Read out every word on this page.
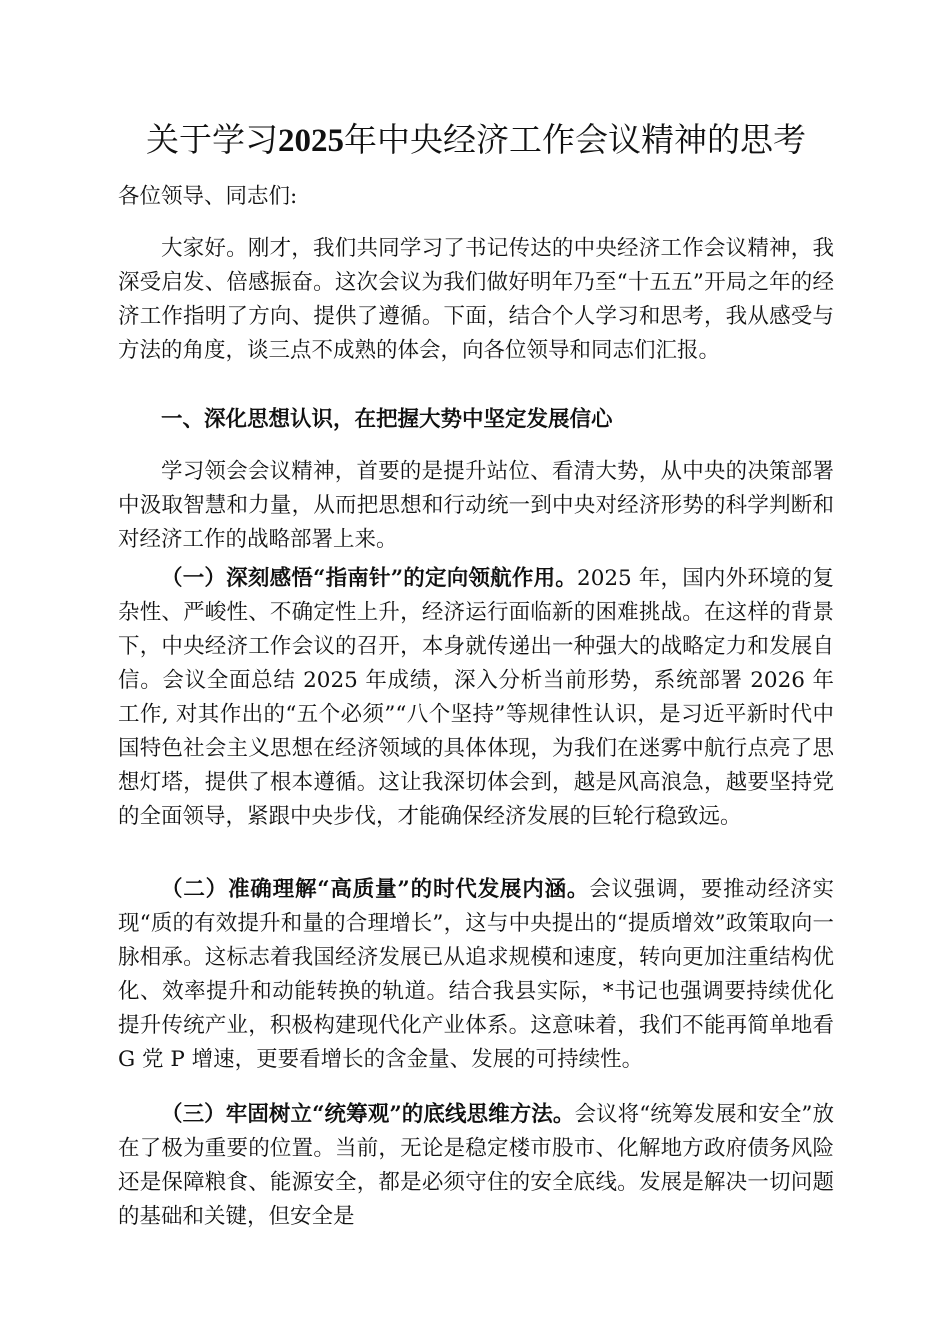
关于学习2025年中央经济工作会议精神的思考
各位领导、同志们:

大家好。刚才，我们共同学习了书记传达的中央经济工作会议精神，我深受启发、倍感振奋。这次会议为我们做好明年乃至“十五五”开局之年的经济工作指明了方向、提供了遵循。下面，结合个人学习和思考，我从感受与方法的角度，谈三点不成熟的体会，向各位领导和同志们汇报。

一、深化思想认识，在把握大势中坚定发展信心

学习领会会议精神，首要的是提升站位、看清大势，从中央的决策部署中汲取智慧和力量，从而把思想和行动统一到中央对经济形势的科学判断和对经济工作的战略部署上来。

（一）深刻感悟“指南针”的定向领航作用。2025 年，国内外环境的复杂性、严峻性、不确定性上升，经济运行面临新的困难挑战。在这样的背景下，中央经济工作会议的召开，本身就传递出一种强大的战略定力和发展自信。会议全面总结 2025 年成绩，深入分析当前形势，系统部署 2026 年工作, 对其作出的“五个必须”“八个坚持”等规律性认识，是习近平新时代中国特色社会主义思想在经济领域的具体体现，为我们在迷雾中航行点亮了思想灯塔，提供了根本遵循。这让我深切体会到，越是风高浪急，越要坚持党的全面领导，紧跟中央步伐，才能确保经济发展的巨轮行稳致远。

（二）准确理解“高质量”的时代发展内涵。会议强调，要推动经济实现“质的有效提升和量的合理增长”，这与中央提出的“提质增效”政策取向一脉相承。这标志着我国经济发展已从追求规模和速度，转向更加注重结构优化、效率提升和动能转换的轨道。结合我县实际，*书记也强调要持续优化提升传统产业，积极构建现代化产业体系。这意味着，我们不能再简单地看 G 党 P 增速，更要看增长的含金量、发展的可持续性。

（三）牢固树立“统筹观”的底线思维方法。会议将“统筹发展和安全”放在了极为重要的位置。当前，无论是稳定楼市股市、化解地方政府债务风险还是保障粮食、能源安全，都是必须守住的安全底线。发展是解决一切问题的基础和关键，但安全是
